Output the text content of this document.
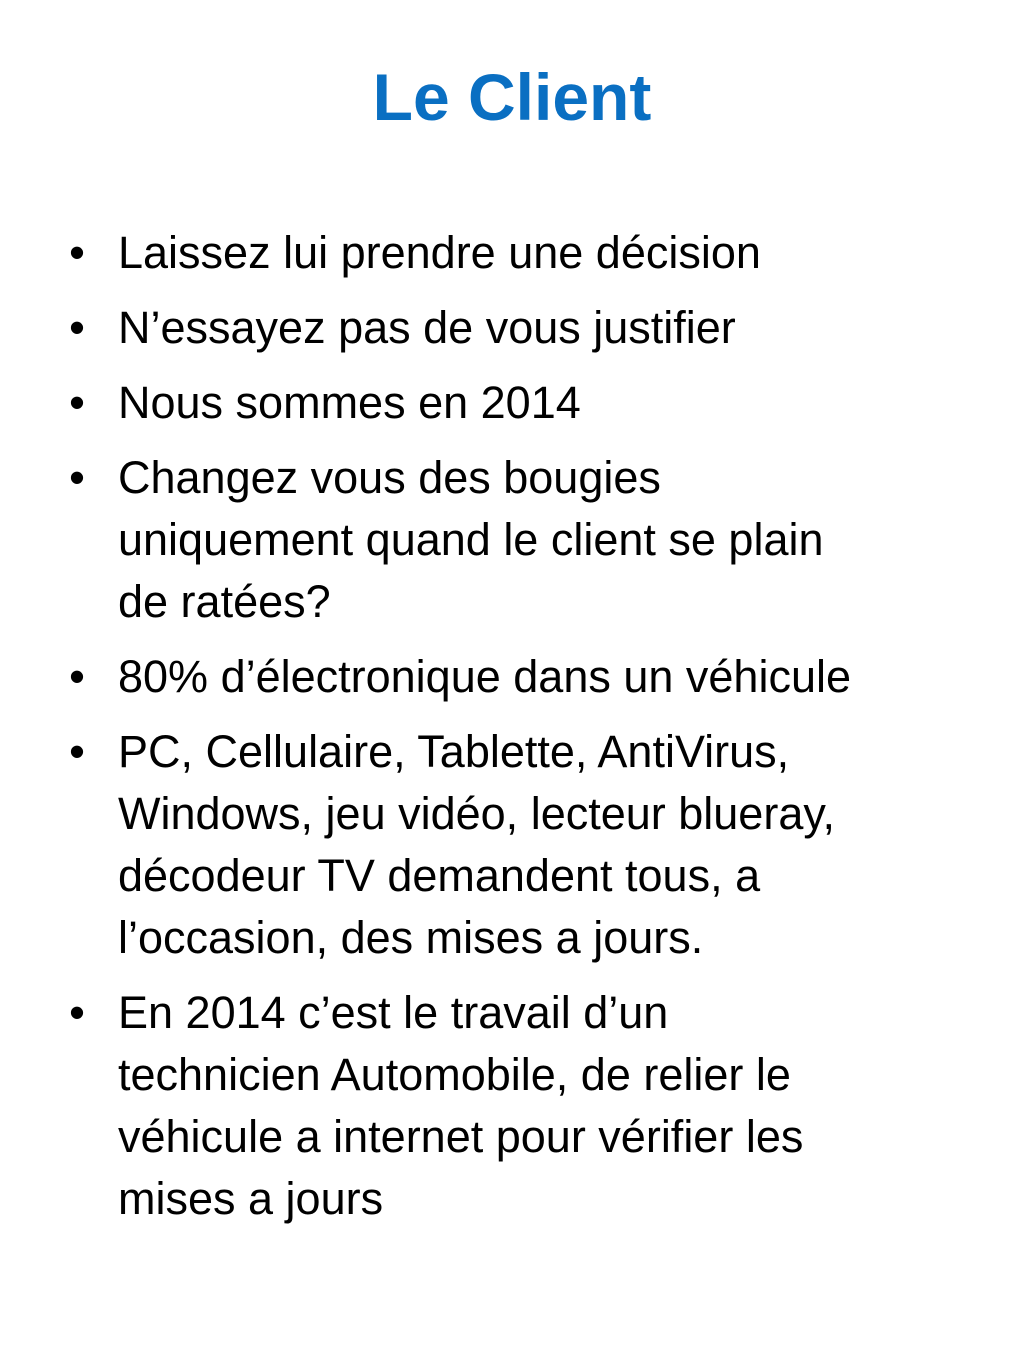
Le Client
• Laissez lui prendre une décision
• N’essayez pas de vous justifier
• Nous sommes en 2014
• Changez vous des bougies
uniquement quand le client se plain
de ratées?
• 80% d’électronique dans un véhicule
• PC, Cellulaire, Tablette, AntiVirus,
Windows, jeu vidéo, lecteur blueray,
décodeur TV demandent tous, a
l’occasion, des mises a jours.
• En 2014 c’est le travail d’un
technicien Automobile, de relier le
véhicule a internet pour vérifier les
mises a jours
